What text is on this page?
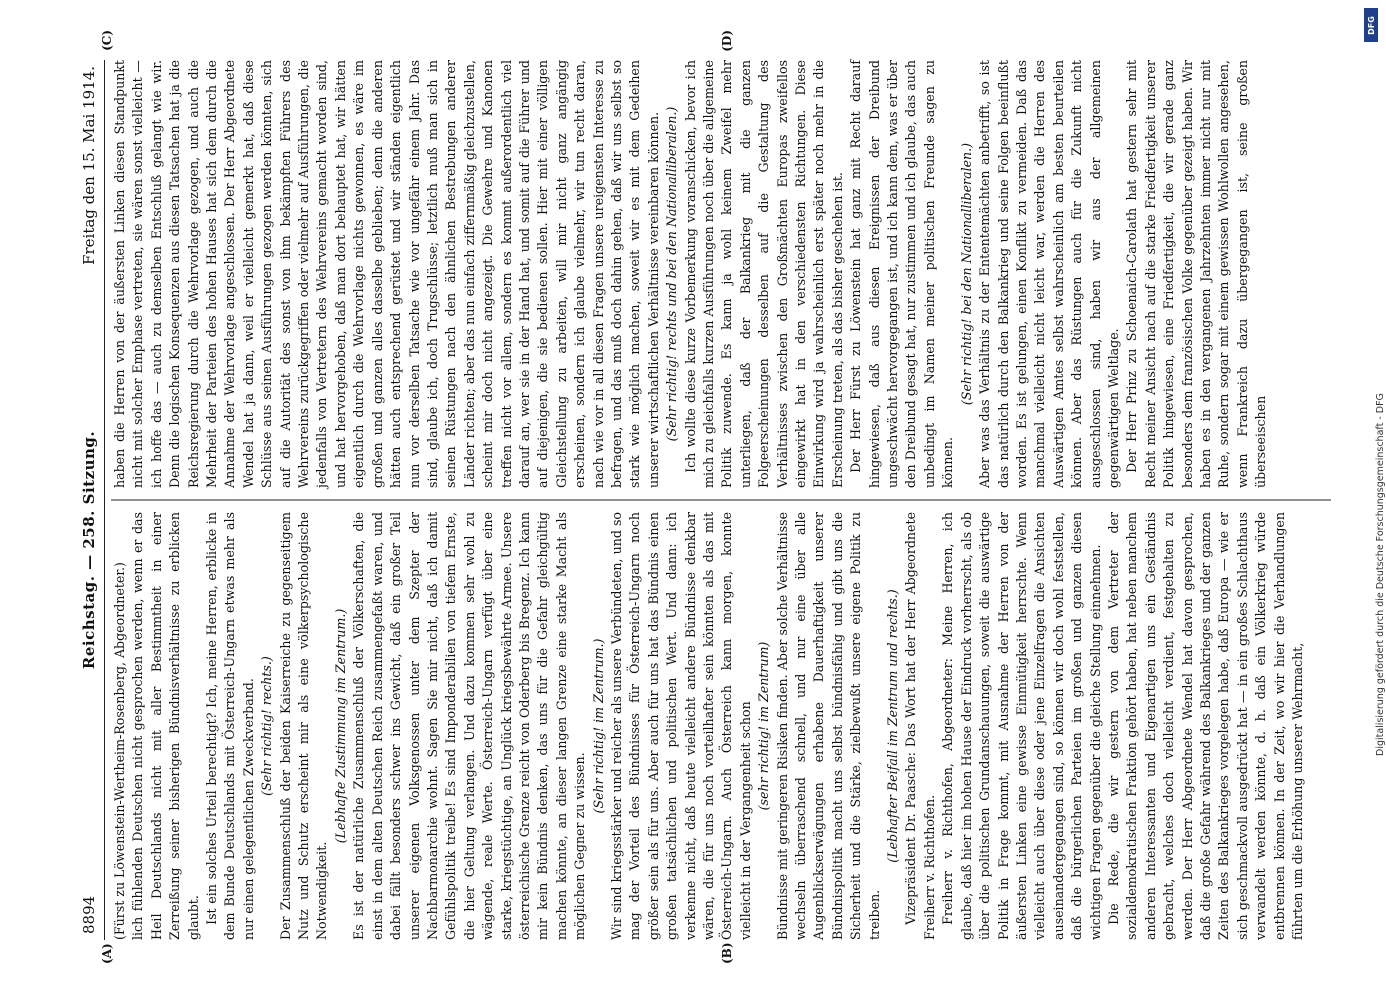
8894
Reichstag. — 258. Sitzung.
Freitag den 15. Mai 1914.

(Fürst zu Löwenstein-Wertheim-Rosenberg, Abgeordneter.) lich fühlenden Deutschen nicht gesprochen werden, wenn er das Heil Deutschlands nicht mit aller Bestimmtheit in einer Zerreißung seiner bisherigen Bündnisverhältnisse zu erblicken glaubt. Ist ein solches Urteil berechtigt? Ich, meine Herren, erblicke in dem Bunde Deutschlands mit Österreich-Ungarn etwas mehr als nur einen gelegentlichen Zweckverband. (Sehr richtig! rechts.) Der Zusammenschluß der beiden Kaiserreiche zu gegenseitigem Nutz und Schutz erscheint mir als eine völkerpsychologische Notwendigkeit.

(Lebhafte Zustimmung im Zentrum.) Es ist der natürliche Zusammenschluß der Völkerschaften, die einst in dem alten Deutschen Reich zusammengefaßt waren, und dabei fällt besonders schwer ins Gewicht, daß ein großer Teil unserer eigenen Volksgenossen unter dem Szepter der Nachbarmonarchie wohnt. Sagen Sie mir nicht, daß ich damit Gefühlspolitik treibe! Es sind Imponderabilien von tiefem Ernste, die hier Geltung verlangen. Und dazu kommen sehr wohl zu wägende, reale Werte. Österreich-Ungarn verfügt über eine starke, kriegstüchtige, an Unglück kriegsbewährte Armee. Unsere österreichische Grenze reicht von Oderberg bis Bregenz. Ich kann mir kein Bündnis denken, das uns für die Gefahr gleichgültig machen könnte, an dieser langen Grenze eine starke Macht als möglichen Gegner zu wissen.

(Sehr richtig! im Zentrum.) Wir sind kriegsstärker und reicher als unsere Verbündeten, und so mag der Vorteil des Bündnisses für Österreich-Ungarn noch größer sein als für uns. Aber auch für uns hat das Bündnis einen großen tatsächlichen und politischen Wert. Und dann: ich verkenne nicht, daß heute vielleicht andere Bündnisse denkbar wären, die für uns noch vorteilhafter sein könnten als das mit Österreich-Ungarn. Auch Österreich kann morgen, konnte vielleicht in der Vergangenheit schon (sehr richtig! im Zentrum) Bündnisse mit geringeren Risiken finden. Aber solche Verhältnisse wechseln überraschend schnell, und nur eine über alle Augenblickserwägungen erhabene Dauerhaftigkeit unserer Bündnispolitik macht uns selbst bündnisfähig und gibt uns die Sicherheit und die Stärke, zielbewußt unsere eigene Politik zu treiben.

(Lebhafter Beifall im Zentrum und rechts.) Vizepräsident Dr. Paasche: Das Wort hat der Herr Abgeordnete Freiherr v. Richthofen. Freiherr v. Richthofen, Abgeordneter: Meine Herren, ich glaube, daß hier im hohen Hause der Eindruck vorherrscht, als ob über die politischen Grundanschauungen, soweit die auswärtige Politik in Frage kommt, mit Ausnahme der Herren von der äußersten Linken eine gewisse Einmütigkeit herrschte. Wenn vielleicht auch über diese oder jene Einzelfragen die Ansichten auseinandergegangen sind, so können wir doch wohl feststellen, daß die bürgerlichen Parteien im großen und ganzen diesen wichtigen Fragen gegenüber die gleiche Stellung einnehmen. Die Rede, die wir gestern von dem Vertreter der sozialdemokratischen Fraktion gehört haben, hat neben manchem anderen Interessanten und Eigenartigen uns ein Geständnis gebracht, welches doch vielleicht verdient, festgehalten zu werden. Der Herr Abgeordnete Wendel hat davon gesprochen, daß die große Gefahr während des Balkankrieges und der ganzen Zeiten des Balkankrieges vorgelegen habe, daß Europa — wie er sich geschmackvoll ausgedrückt hat — in ein großes Schlachthaus verwandelt werden könnte, d. h. daß ein Völkerkrieg würde entbrennen können. In der Zeit, wo wir hier die Verhandlungen führten um die Erhöhung unserer Wehrmacht,

haben die Herren von der äußersten Linken diesen Standpunkt nicht mit solcher Emphase vertreten, sie wären sonst vielleicht — ich hoffe das — auch zu demselben Entschluß gelangt wie wir. Denn die logischen Konsequenzen aus diesen Tatsachen hat ja die Reichsregierung durch die Wehrvorlage gezogen, und auch die Mehrheit der Parteien des hohen Hauses hat sich dem durch die Annahme der Wehrvorlage angeschlossen. Der Herr Abgeordnete Wendel hat ja dann, weil er vielleicht gemerkt hat, daß diese Schlüsse aus seinen Ausführungen gezogen werden könnten, sich auf die Autorität des sonst von ihm bekämpften Führers des Wehrvereins zurückgegriffen oder vielmehr auf Ausführungen, die jedenfalls von Vertretern des Wehrvereins gemacht worden sind, und hat hervorgehoben, daß man dort behauptet hat, wir hätten eigentlich durch die Wehrvorlage nichts gewonnen, es wäre im großen und ganzen alles dasselbe geblieben; denn die anderen hätten auch entsprechend gerüstet und wir ständen eigentlich nun vor derselben Tatsache wie vor ungefähr einem Jahr. Das sind, glaube ich, doch Trugschlüsse; letztlich muß man sich in seinen Rüstungen nach den ähnlichen Bestrebungen anderer Länder richten; aber das nun einfach ziffernmäßig gleichzustellen, scheint mir doch nicht angezeigt. Die Gewehre und Kanonen treffen nicht vor allem, sondern es kommt außerordentlich viel darauf an, wer sie in der Hand hat, und somit auf die Führer und auf diejenigen, die sie bedienen sollen. Hier mit einer völligen Gleichstellung zu arbeiten, will mir nicht ganz angängig erscheinen, sondern ich glaube vielmehr, wir tun recht daran, nach wie vor in all diesen Fragen unsere ureigensten Interesse zu befragen, und das muß doch dahin gehen, daß wir uns selbst so stark wie möglich machen, soweit wir es mit dem Gedeihen unserer wirtschaftlichen Verhältnisse vereinbaren können. (Sehr richtig! rechts und bei den Nationalliberalen.) Ich wollte diese kurze Vorbemerkung voranschicken, bevor ich mich zu gleichfalls kurzen Ausführungen noch über die allgemeine Politik zuwende. Es kann ja wohl keinem Zweifel mehr unterliegen, daß der Balkankrieg mit die ganzen Folgeerscheinungen desselben auf die Gestaltung des Verhältnisses zwischen den Großmächten Europas zweifellos eingewirkt hat in den verschiedensten Richtungen. Diese Einwirkung wird ja wahrscheinlich erst später noch mehr in die Erscheinung treten, als das bisher geschehen ist. Der Herr Fürst zu Löwenstein hat ganz mit Recht darauf hingewiesen, daß aus diesen Ereignissen der Dreibund ungeschwächt hervorgegangen ist, und ich kann dem, was er über den Dreibund gesagt hat, nur zustimmen und ich glaube, das auch unbedingt im Namen meiner politischen Freunde sagen zu können.

(Sehr richtig! bei den Nationalliberalen.) Aber was das Verhältnis zu der Ententemächten anbetrifft, so ist das natürlich durch den Balkankrieg und seine Folgen beeinflußt worden. Es ist gelungen, einen Konflikt zu vermeiden. Daß das manchmal vielleicht nicht leicht war, werden die Herren des Auswärtigen Amtes selbst wahrscheinlich am besten beurteilen können. Aber das Rüstungen auch für die Zukunft nicht ausgeschlossen sind, haben wir aus der allgemeinen gegenwärtigen Weltlage. Der Herr Prinz zu Schoenaich-Carolath hat gestern sehr mit Recht meiner Ansicht nach auf die starke Friedfertigkeit unserer Politik hingewiesen, eine Friedfertigkeit, die wir gerade ganz besonders dem französischen Volke gegenüber gezeigt haben. Wir haben es in den vergangenen Jahrzehnten immer nicht nur mit Ruhe, sondern sogar mit einem gewissen Wohlwollen angesehen, wenn Frankreich dazu übergegangen ist, seine großen überseeischen

(A)	(B)
(C)	(D)
DFG
Digitalisierung gefördert durch die Deutsche Forschungsgemeinschaft - DFG
